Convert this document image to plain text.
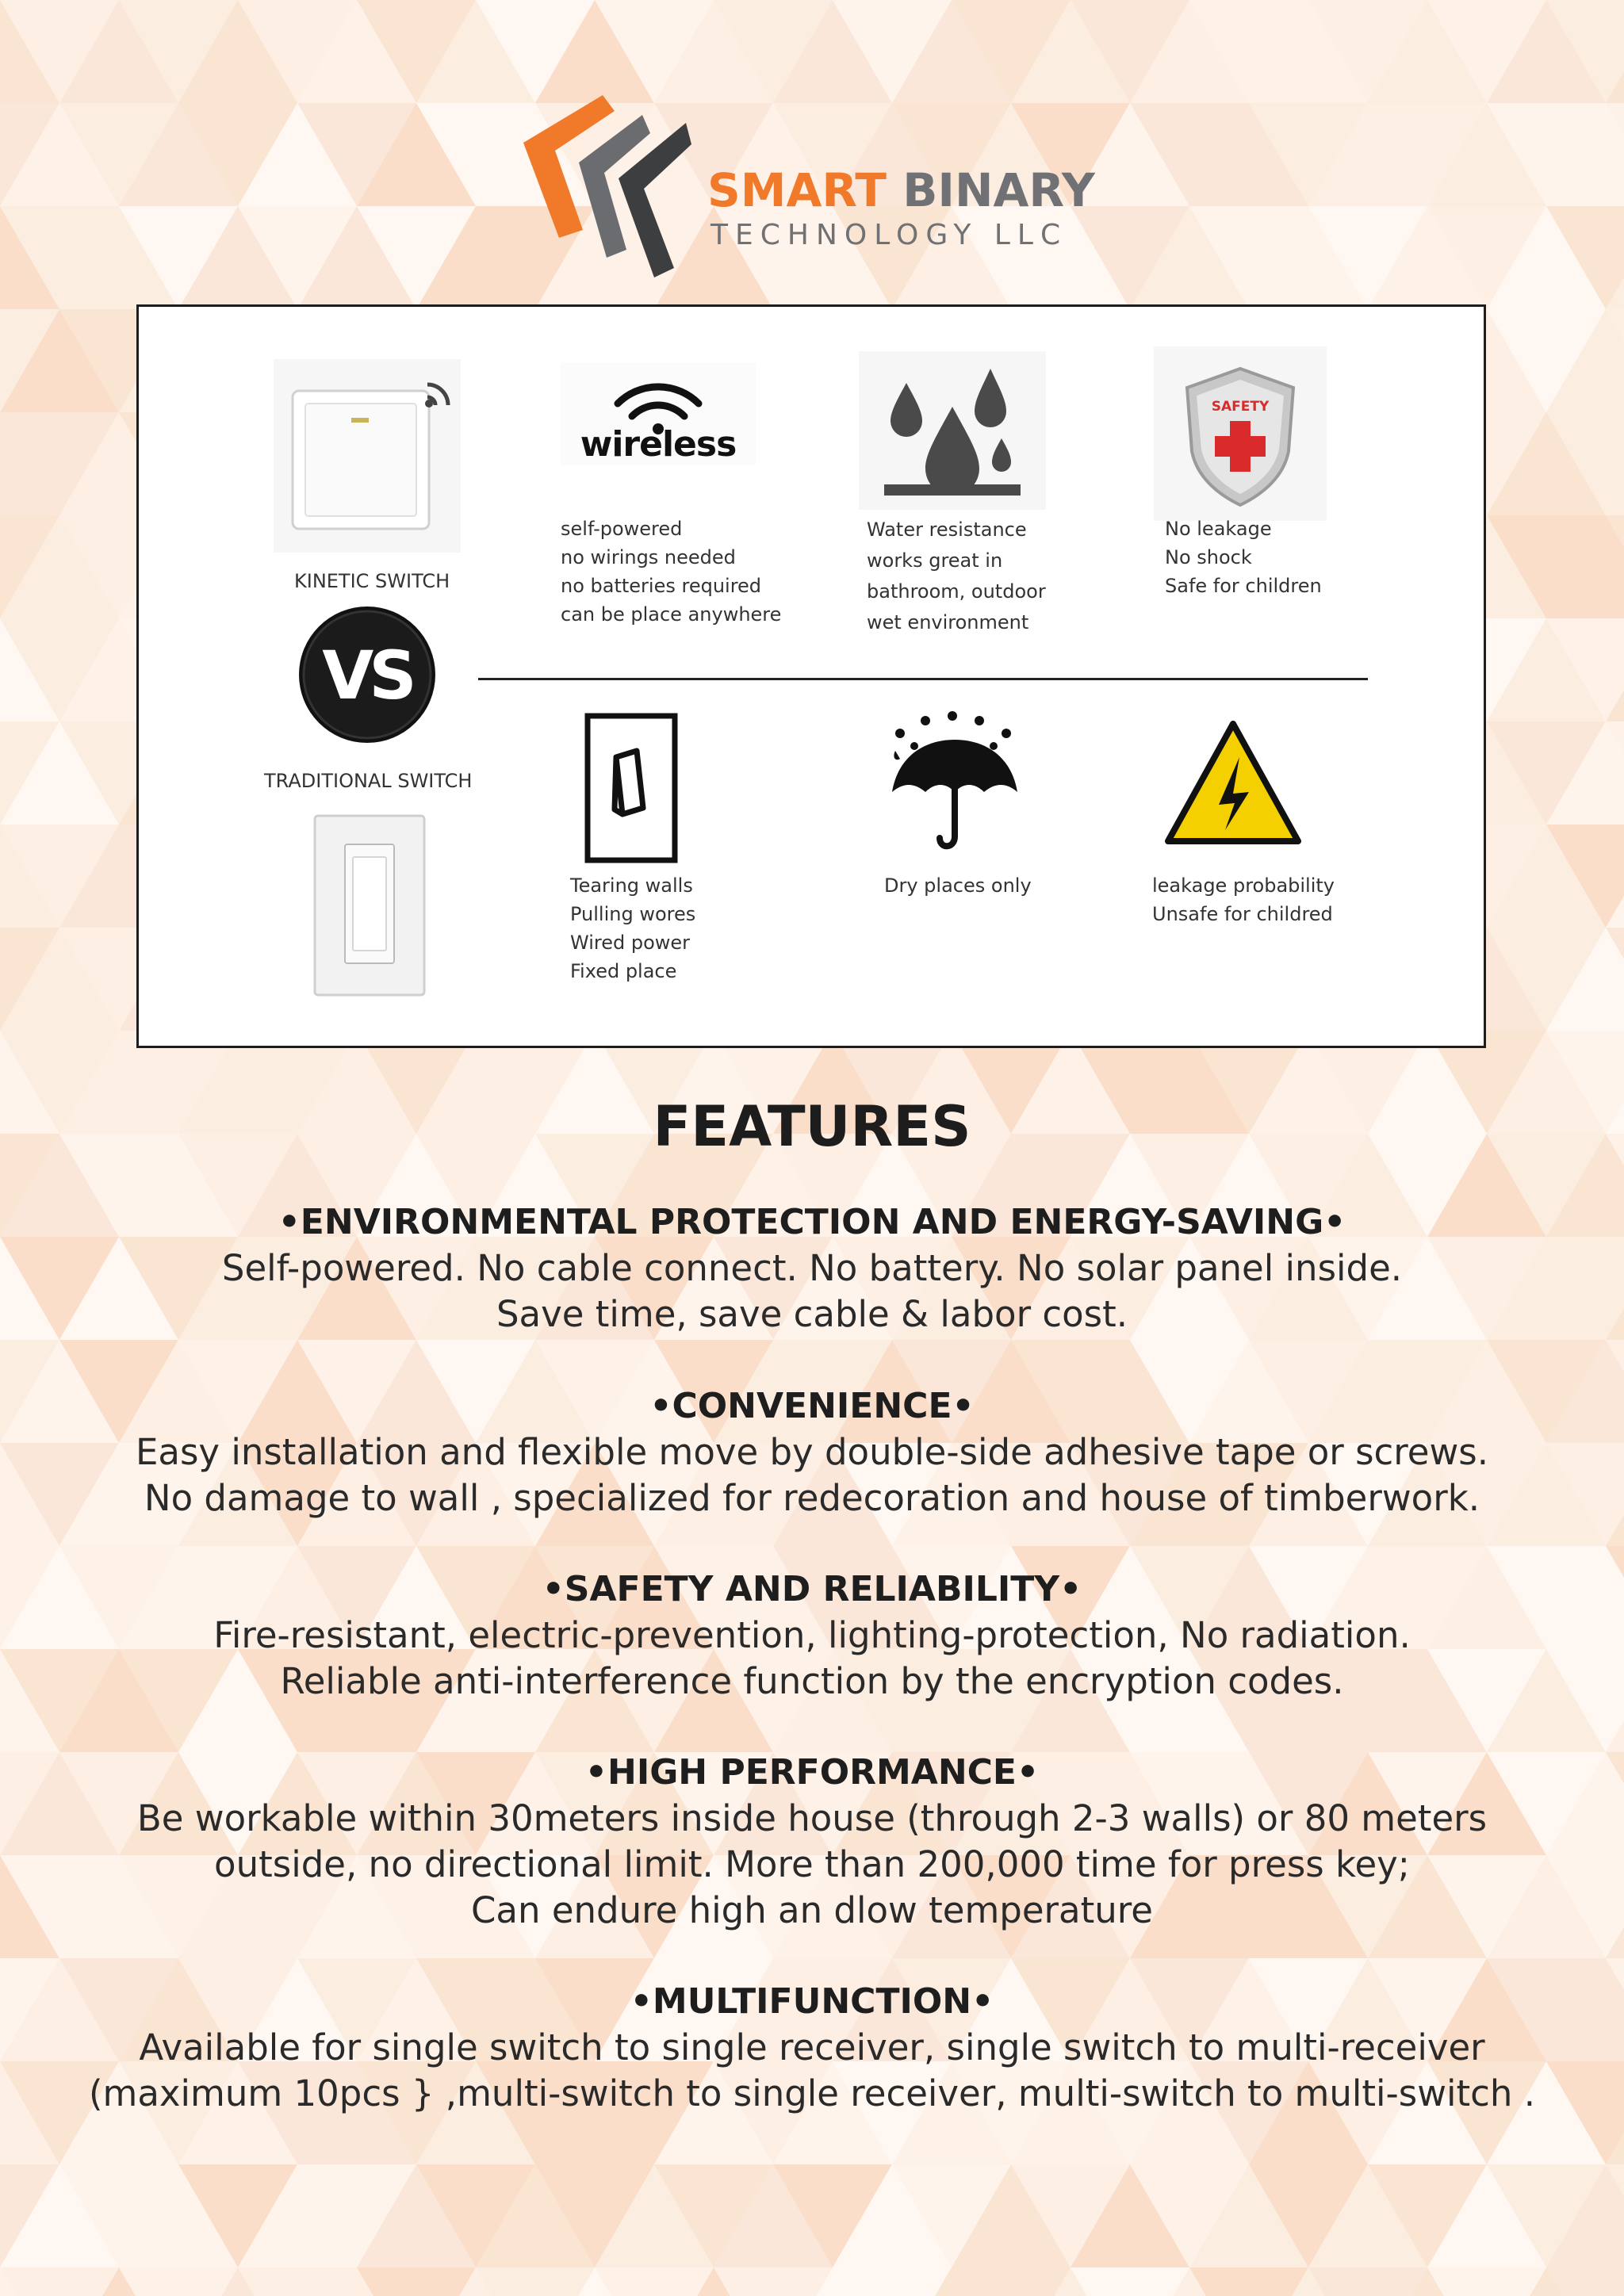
SMART BINARY
TECHNOLOGY LLC
KINETIC SWITCH
VS
TRADITIONAL SWITCH
wireless
self-powered
no wirings needed
no batteries required
can be place anywhere
Water resistance
works great in
bathroom, outdoor
wet environment
SAFETY
No leakage
No shock
Safe for children
Tearing walls
Pulling wores
Wired power
Fixed place
Dry places only	leakage probability
Unsafe for childred
FEATURES
•ENVIRONMENTAL PROTECTION AND ENERGY-SAVING•
Self-powered. No cable connect. No battery. No solar panel inside.
Save time, save cable & labor cost.
•CONVENIENCE•
Easy installation and flexible move by double-side adhesive tape or screws.
No damage to wall , specialized for redecoration and house of timberwork.
•SAFETY AND RELIABILITY•
Fire-resistant, electric-prevention, lighting-protection, No radiation.
Reliable anti-interference function by the encryption codes.
•HIGH PERFORMANCE•
Be workable within 30meters inside house (through 2-3 walls) or 80 meters
outside, no directional limit. More than 200,000 time for press key;
Can endure high an dlow temperature
•MULTIFUNCTION•
Available for single switch to single receiver, single switch to multi-receiver
(maximum 10pcs } ,multi-switch to single receiver, multi-switch to multi-switch .
